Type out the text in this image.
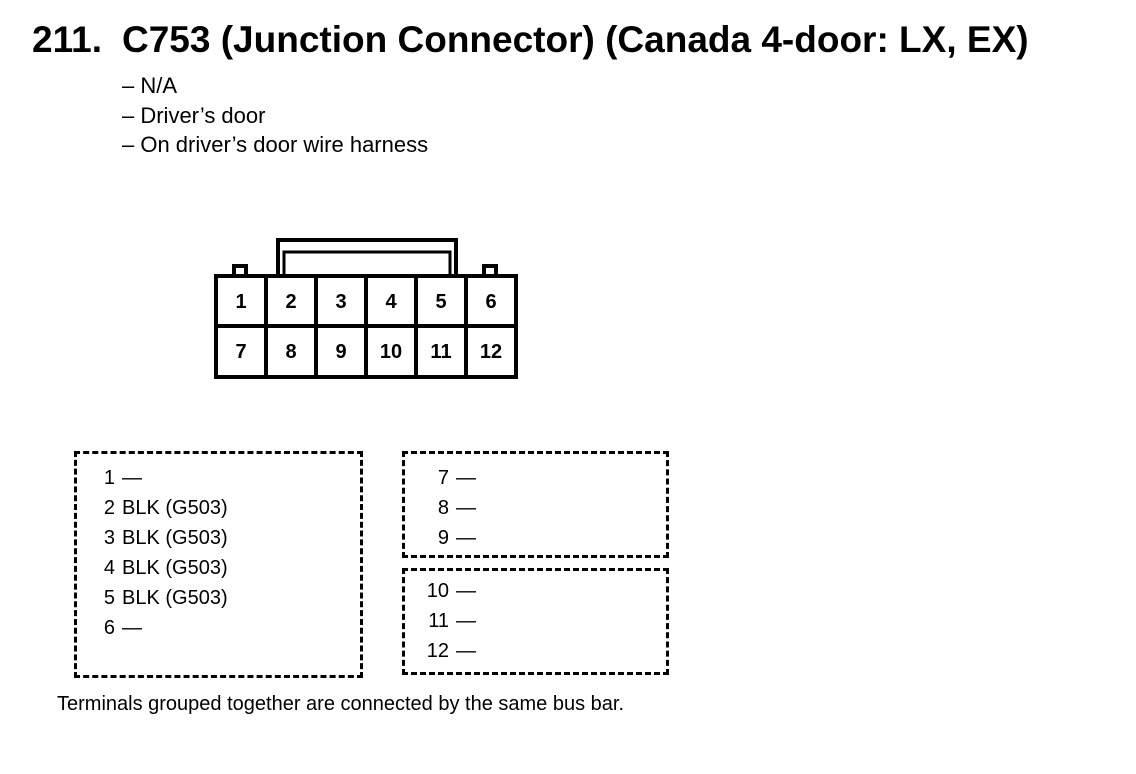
211. C753 (Junction Connector) (Canada 4-door: LX, EX)
– N/A
– Driver’s door
– On driver’s door wire harness
1 2 3 4 5 6
7 8 9 10 11 12
1 —
2 BLK (G503)
3 BLK (G503)
4 BLK (G503)
5 BLK (G503)
6 —
7 —
8 —
9 —
10 —
11 —
12 —
Terminals grouped together are connected by the same bus bar.
